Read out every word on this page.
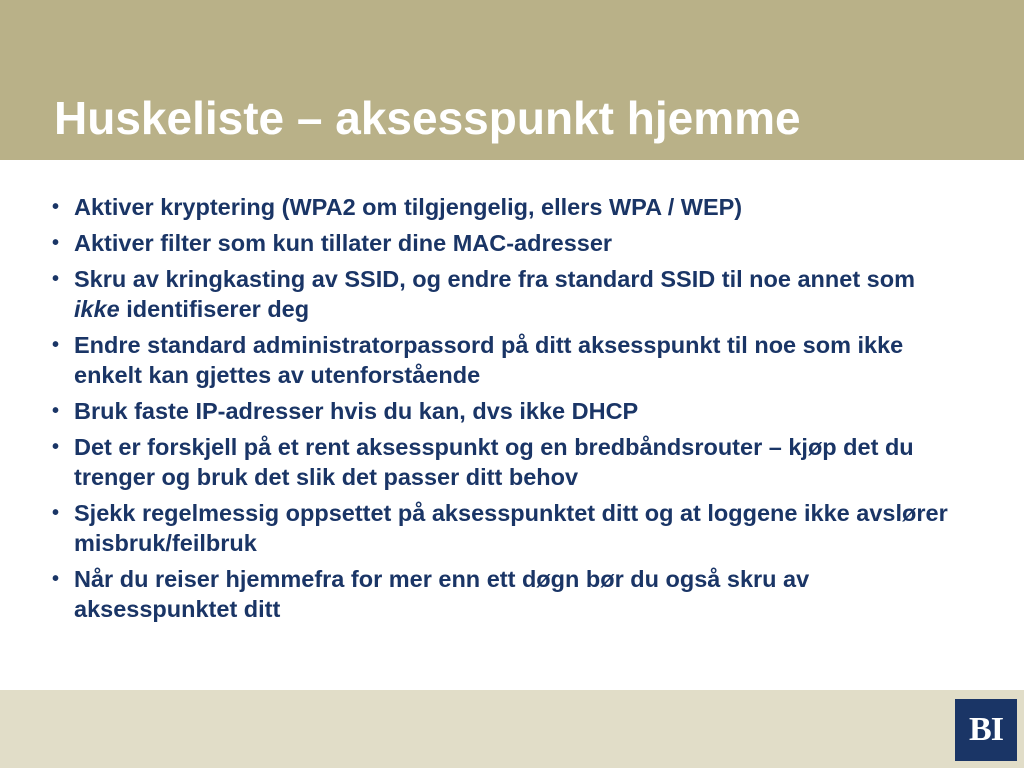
Huskeliste – aksesspunkt hjemme
• Aktiver kryptering (WPA2 om tilgjengelig, ellers WPA / WEP)
• Aktiver filter som kun tillater dine MAC-adresser
• Skru av kringkasting av SSID, og endre fra standard SSID til noe annet som ikke identifiserer deg
• Endre standard administratorpassord på ditt aksesspunkt til noe som ikke enkelt kan gjettes av utenforstående
• Bruk faste IP-adresser hvis du kan, dvs ikke DHCP
• Det er forskjell på et rent aksesspunkt og en bredbåndsrouter – kjøp det du trenger og bruk det slik det passer ditt behov
• Sjekk regelmessig oppsettet på aksesspunktet ditt og at loggene ikke avslører misbruk/feilbruk
• Når du reiser hjemmefra for mer enn ett døgn bør du også skru av aksesspunktet ditt
BI
